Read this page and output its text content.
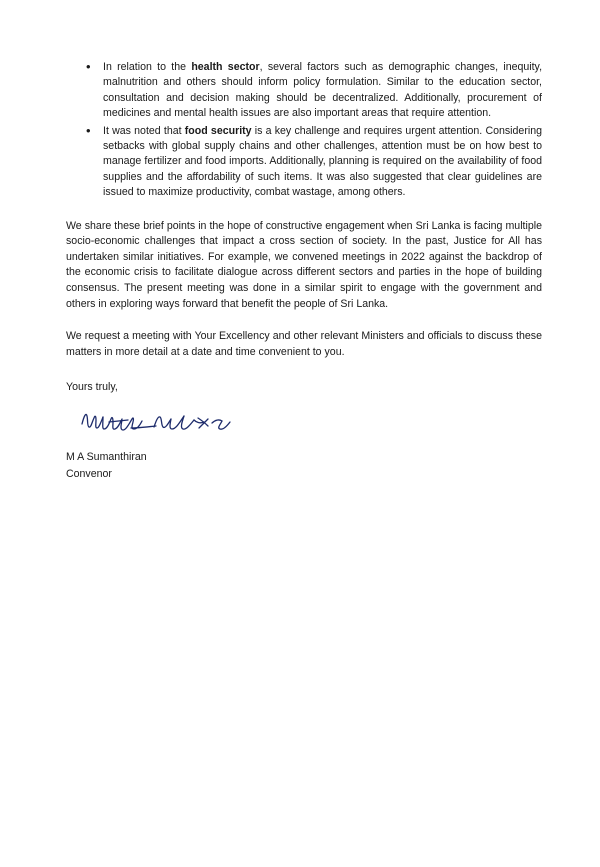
• In relation to the health sector, several factors such as demographic changes, inequity, malnutrition and others should inform policy formulation. Similar to the education sector, consultation and decision making should be decentralized. Additionally, procurement of medicines and mental health issues are also important areas that require attention.
• It was noted that food security is a key challenge and requires urgent attention. Considering setbacks with global supply chains and other challenges, attention must be on how best to manage fertilizer and food imports. Additionally, planning is required on the availability of food supplies and the affordability of such items. It was also suggested that clear guidelines are issued to maximize productivity, combat wastage, among others.

We share these brief points in the hope of constructive engagement when Sri Lanka is facing multiple socio-economic challenges that impact a cross section of society. In the past, Justice for All has undertaken similar initiatives. For example, we convened meetings in 2022 against the backdrop of the economic crisis to facilitate dialogue across different sectors and parties in the hope of building consensus. The present meeting was done in a similar spirit to engage with the government and others in exploring ways forward that benefit the people of Sri Lanka.

We request a meeting with Your Excellency and other relevant Ministers and officials to discuss these matters in more detail at a date and time convenient to you.

Yours truly,
M A Sumanthiran
Convenor
